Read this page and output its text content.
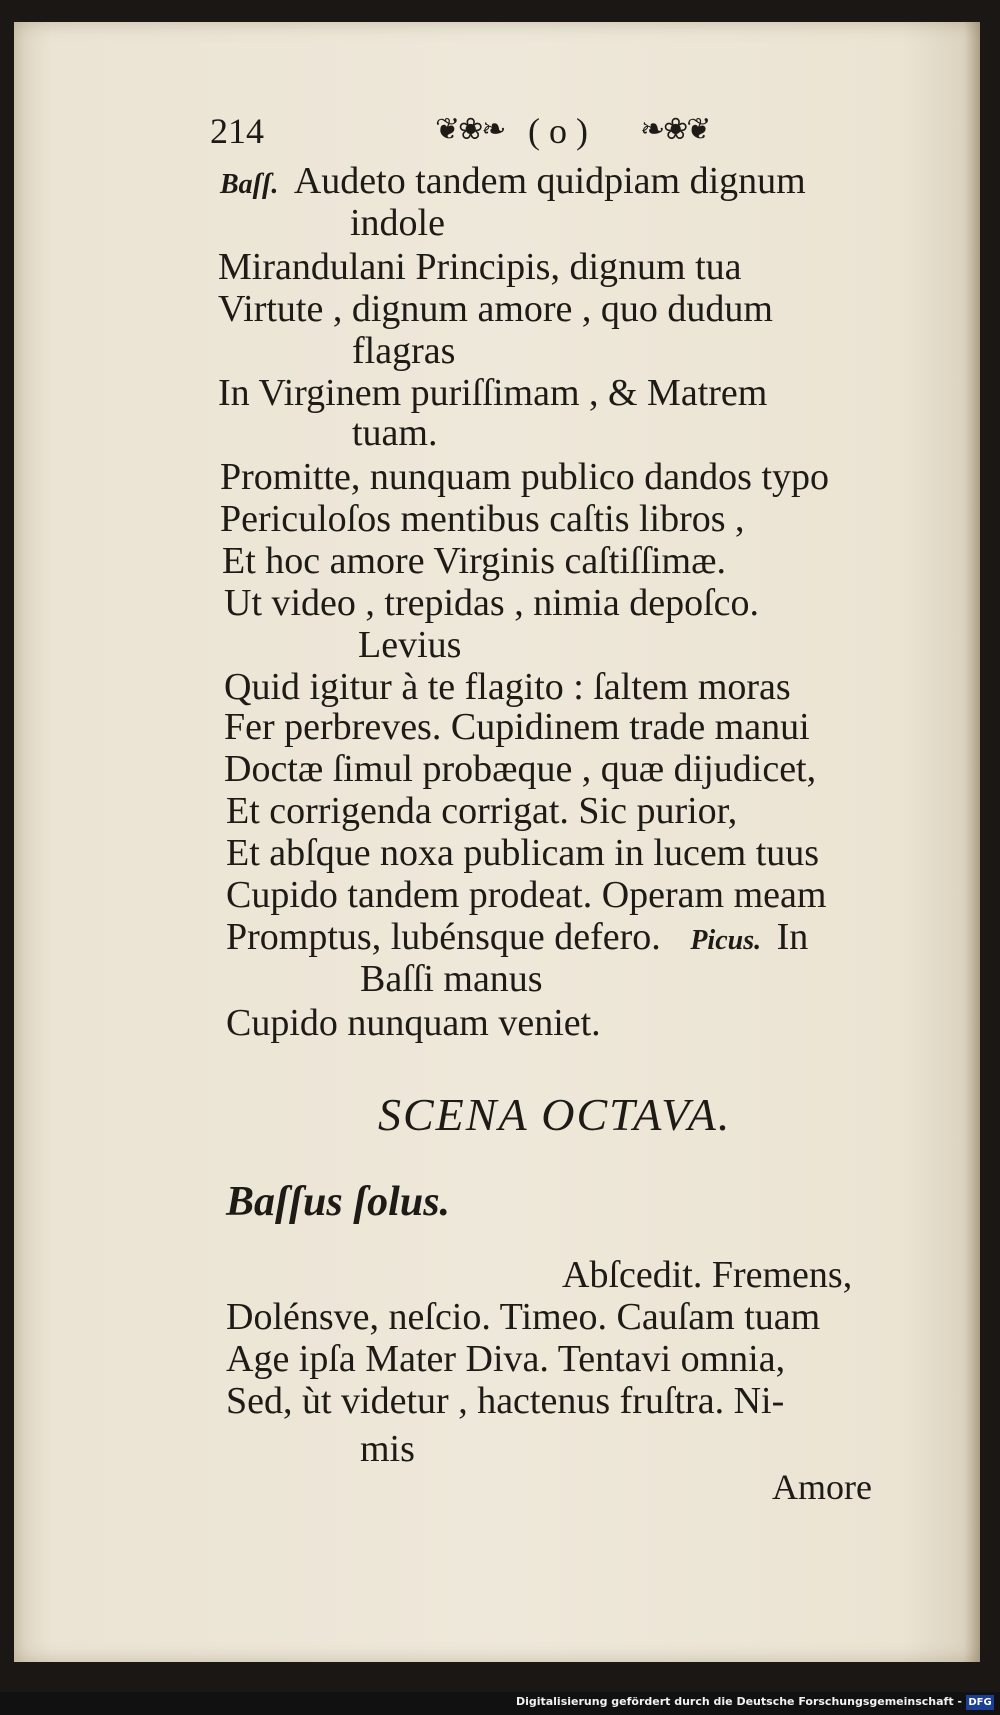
214	❦❀❧ ( o ) ❧❀❦
Baſſ. Audeto tandem quidpiam dignum
indole
Mirandulani Principis, dignum tua
Virtute , dignum amore , quo dudum
flagras
In Virginem puriſſimam , & Matrem
tuam.
Promitte, nunquam publico dandos typo
Periculoſos mentibus caſtis libros ,
Et hoc amore Virginis caſtiſſimæ.
Ut video , trepidas , nimia depoſco.
Levius
Quid igitur à te flagito : ſaltem moras
Fer perbreves. Cupidinem trade manui
Doctæ ſimul probæque , quæ dijudicet,
Et corrigenda corrigat. Sic purior,
Et abſque noxa publicam in lucem tuus
Cupido tandem prodeat. Operam meam
Promptus, lubénsque defero. Picus. In
Baſſi manus
Cupido nunquam veniet.
SCENA OCTAVA.
Baſſus ſolus.
Abſcedit. Fremens,
Dolénsve, neſcio. Timeo. Cauſam tuam
Age ipſa Mater Diva. Tentavi omnia,
Sed, ùt videtur , hactenus fruſtra. Ni-
mis
Amore
Digitalisierung gefördert durch die Deutsche Forschungsgemeinschaft - DFG
